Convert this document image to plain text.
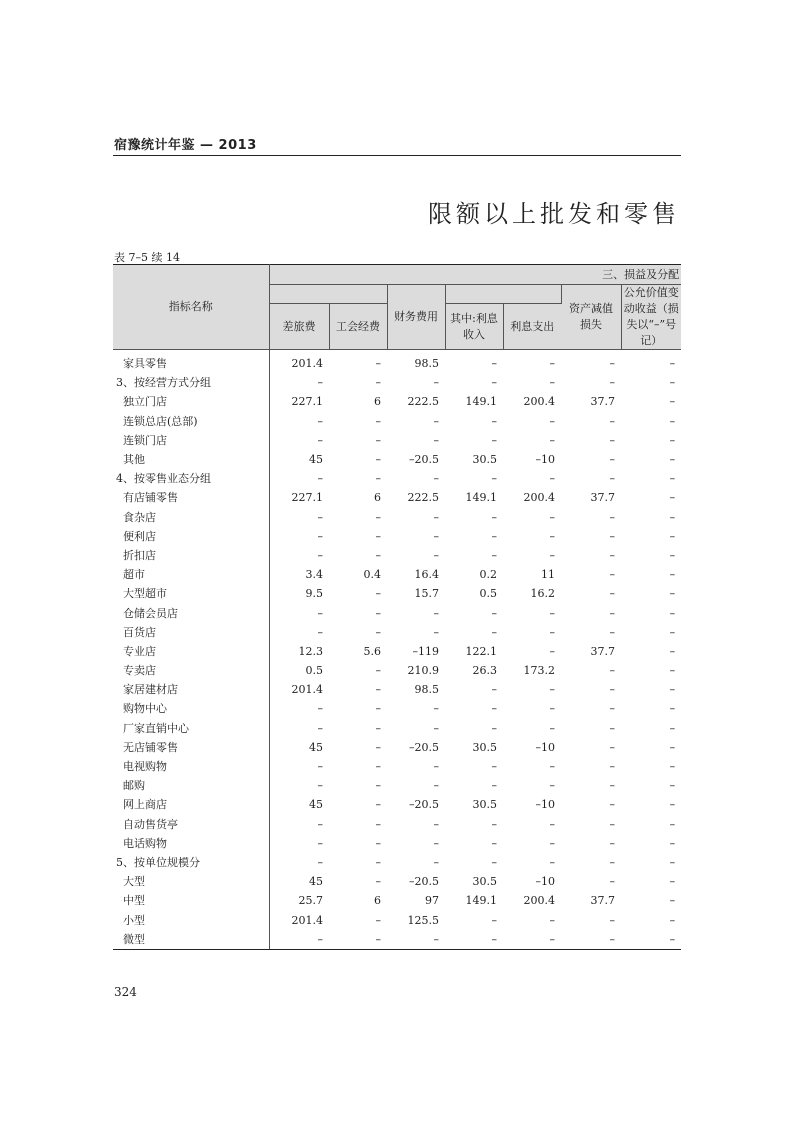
宿豫统计年鉴 — 2013
限额以上批发和零售
表 7–5 续 14
指标名称	三、损益及分配						
			财务费用			资产减值损失	公允价值变动收益（损失以“–”号记）
	差旅费	工会经费		其中:利息收入	利息支出		

家具零售	201.4	–	98.5	–	–	–	–
3、按经营方式分组	–	–	–	–	–	–	–
独立门店	227.1	6	222.5	149.1	200.4	37.7	–
连锁总店(总部)	–	–	–	–	–	–	–
连锁门店	–	–	–	–	–	–	–
其他	45	–	–20.5	30.5	–10	–	–
4、按零售业态分组	–	–	–	–	–	–	–
有店铺零售	227.1	6	222.5	149.1	200.4	37.7	–
食杂店	–	–	–	–	–	–	–
便利店	–	–	–	–	–	–	–
折扣店	–	–	–	–	–	–	–
超市	3.4	0.4	16.4	0.2	11	–	–
大型超市	9.5	–	15.7	0.5	16.2	–	–
仓储会员店	–	–	–	–	–	–	–
百货店	–	–	–	–	–	–	–
专业店	12.3	5.6	–119	122.1	–	37.7	–
专卖店	0.5	–	210.9	26.3	173.2	–	–
家居建材店	201.4	–	98.5	–	–	–	–
购物中心	–	–	–	–	–	–	–
厂家直销中心	–	–	–	–	–	–	–
无店铺零售	45	–	–20.5	30.5	–10	–	–
电视购物	–	–	–	–	–	–	–
邮购	–	–	–	–	–	–	–
网上商店	45	–	–20.5	30.5	–10	–	–
自动售货亭	–	–	–	–	–	–	–
电话购物	–	–	–	–	–	–	–
5、按单位规模分	–	–	–	–	–	–	–
大型	45	–	–20.5	30.5	–10	–	–
中型	25.7	6	97	149.1	200.4	37.7	–
小型	201.4	–	125.5	–	–	–	–
微型	–	–	–	–	–	–	–
324
